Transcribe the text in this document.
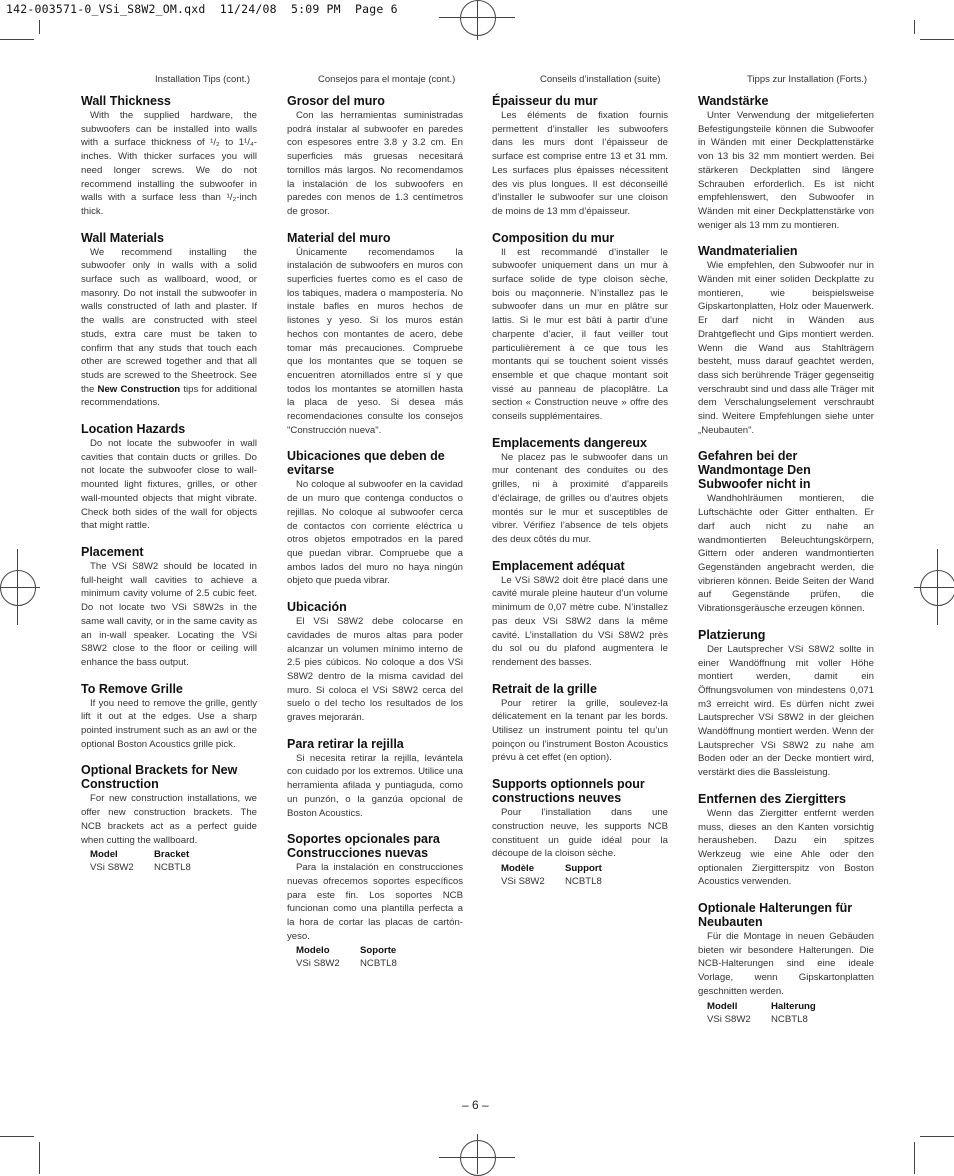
142-003571-0_VSi_S8W2_OM.qxd  11/24/08  5:09 PM  Page 6
Installation Tips (cont.)	Consejos para el montaje (cont.)	Conseils d’installation (suite)	Tipps zur Installation (Forts.)
Wall Thickness

With the supplied hardware, the subwoofers can be installed into walls with a surface thickness of ¹/₂ to 1¹/₄-inches. With thicker surfaces you will need longer screws. We do not recommend installing the subwoofer in walls with a surface less than ¹/₂-inch thick.

Wall Materials

We recommend installing the subwoofer only in walls with a solid surface such as wallboard, wood, or masonry. Do not install the subwoofer in walls constructed of lath and plaster. If the walls are constructed with steel studs, extra care must be taken to confirm that any studs that touch each other are screwed together and that all studs are screwed to the Sheetrock. See the New Construction tips for additional recommendations.

Location Hazards

Do not locate the subwoofer in wall cavities that contain ducts or grilles. Do not locate the subwoofer close to wall-mounted light fixtures, grilles, or other wall-mounted objects that might vibrate. Check both sides of the wall for objects that might rattle.

Placement

The VSi S8W2 should be located in full-height wall cavities to achieve a minimum cavity volume of 2.5 cubic feet. Do not locate two VSi S8W2s in the same wall cavity, or in the same cavity as an in-wall speaker. Locating the VSi S8W2 close to the floor or ceiling will enhance the bass output.

To Remove Grille

If you need to remove the grille, gently lift it out at the edges. Use a sharp pointed instrument such as an awl or the optional Boston Acoustics grille pick.

Optional Brackets for New Construction

For new construction installations, we offer new construction brackets. The NCB brackets act as a perfect guide when cutting the wallboard.

Model	Bracket
VSi S8W2	NCBTL8
Grosor del muro

Con las herramientas suministradas podrá instalar al subwoofer en paredes con espesores entre 3.8 y 3.2 cm. En superficies más gruesas necesitará tornillos más largos. No recomendamos la instalación de los subwoofers en paredes con menos de 1.3 centímetros de grosor.

Material del muro

Únicamente recomendamos la instalación de subwoofers en muros con superficies fuertes como es el caso de los tabiques, madera o mampostería. No instale bafles en muros hechos de listones y yeso. Si los muros están hechos con montantes de acero, debe tomar más precauciones. Compruebe que los montantes que se toquen se encuentren atornillados entre sí y que todos los montantes se atornillen hasta la placa de yeso. Si desea más recomendaciones consulte los consejos "Construcción nueva".

Ubicaciones que deben de evitarse

No coloque al subwoofer en la cavidad de un muro que contenga conductos o rejillas. No coloque al subwoofer cerca de contactos con corriente eléctrica u otros objetos empotrados en la pared que puedan vibrar. Compruebe que a ambos lados del muro no haya ningún objeto que pueda vibrar.

Ubicación

El VSi S8W2 debe colocarse en cavidades de muros altas para poder alcanzar un volumen mínimo interno de 2.5 pies cúbicos. No coloque a dos VSi S8W2 dentro de la misma cavidad del muro. Si coloca el VSi S8W2 cerca del suelo o del techo los resultados de los graves mejorarán.

Para retirar la rejilla

Si necesita retirar la rejilla, levántela con cuidado por los extremos. Utilice una herramienta afilada y puntiaguda, como un punzón, o la ganzúa opcional de Boston Acoustics.

Soportes opcionales para Construcciones nuevas

Para la instalación en construcciones nuevas ofrecemos soportes específicos para este fin. Los soportes NCB funcionan como una plantilla perfecta a la hora de cortar las placas de cartón-yeso.

Modelo	Soporte
VSi S8W2	NCBTL8
Épaisseur du mur

Les éléments de fixation fournis permettent d’installer les subwoofers dans les murs dont l’épaisseur de surface est comprise entre 13 et 31 mm. Les surfaces plus épaisses nécessitent des vis plus longues. Il est déconseillé d’installer le subwoofer sur une cloison de moins de 13 mm d’épaisseur.

Composition du mur

Il est recommandé d’installer le subwoofer uniquement dans un mur à surface solide de type cloison sèche, bois ou maçonnerie. N’installez pas le subwoofer dans un mur en plâtre sur lattis. Si le mur est bâti à partir d’une charpente d’acier, il faut veiller tout particulièrement à ce que tous les montants qui se touchent soient vissés ensemble et que chaque montant soit vissé au panneau de placoplâtre. La section « Construction neuve » offre des conseils supplémentaires.

Emplacements dangereux

Ne placez pas le subwoofer dans un mur contenant des conduites ou des grilles, ni à proximité d’appareils d’éclairage, de grilles ou d’autres objets montés sur le mur et susceptibles de vibrer. Vérifiez l’absence de tels objets des deux côtés du mur.

Emplacement adéquat

Le VSi S8W2 doit être placé dans une cavité murale pleine hauteur d’un volume minimum de 0,07 mètre cube. N’installez pas deux VSi S8W2 dans la même cavité. L’installation du VSi S8W2 près du sol ou du plafond augmentera le rendement des basses.

Retrait de la grille

Pour retirer la grille, soulevez-la délicatement en la tenant par les bords. Utilisez un instrument pointu tel qu’un poinçon ou l’instrument Boston Acoustics prévu à cet effet (en option).

Supports optionnels pour constructions neuves

Pour l’installation dans une construction neuve, les supports NCB constituent un guide idéal pour la découpe de la cloison sèche.

Modèle	Support
VSi S8W2	NCBTL8
Wandstärke

Unter Verwendung der mitgelieferten Befestigungsteile können die Subwoofer in Wänden mit einer Deckplattenstärke von 13 bis 32 mm montiert werden. Bei stärkeren Deckplatten sind längere Schrauben erforderlich. Es ist nicht empfehlenswert, den Subwoofer in Wänden mit einer Deckplattenstärke von weniger als 13 mm zu montieren.

Wandmaterialien

Wie empfehlen, den Subwoofer nur in Wänden mit einer soliden Deckplatte zu montieren, wie beispielsweise Gipskartonplatten, Holz oder Mauerwerk. Er darf nicht in Wänden aus Drahtgeflecht und Gips montiert werden. Wenn die Wand aus Stahlträgern besteht, muss darauf geachtet werden, dass sich berührende Träger gegenseitig verschraubt sind und dass alle Träger mit dem Verschalungselement verschraubt sind. Weitere Empfehlungen siehe unter „Neubauten".

Gefahren bei der Wandmontage Den Subwoofer nicht in

Wandhohlräumen montieren, die Luftschächte oder Gitter enthalten. Er darf auch nicht zu nahe an wandmontierten Beleuchtungskörpern, Gittern oder anderen wandmontierten Gegenständen angebracht werden, die vibrieren können. Beide Seiten der Wand auf Gegenstände prüfen, die Vibrationsgeräusche erzeugen können.

Platzierung

Der Lautsprecher VSi S8W2 sollte in einer Wandöffnung mit voller Höhe montiert werden, damit ein Öffnungsvolumen von mindestens 0,071 m3 erreicht wird. Es dürfen nicht zwei Lautsprecher VSi S8W2 in der gleichen Wandöffnung montiert werden. Wenn der Lautsprecher VSi S8W2 zu nahe am Boden oder an der Decke montiert wird, verstärkt dies die Bassleistung.

Entfernen des Ziergitters

Wenn das Ziergitter entfernt werden muss, dieses an den Kanten vorsichtig herausheben. Dazu ein spitzes Werkzeug wie eine Ahle oder den optionalen Ziergitterspitz von Boston Acoustics verwenden.

Optionale Halterungen für Neubauten

Für die Montage in neuen Gebäuden bieten wir besondere Halterungen. Die NCB-Halterungen sind eine ideale Vorlage, wenn Gipskartonplatten geschnitten werden.

Modell	Halterung
VSi S8W2	NCBTL8
– 6 –
